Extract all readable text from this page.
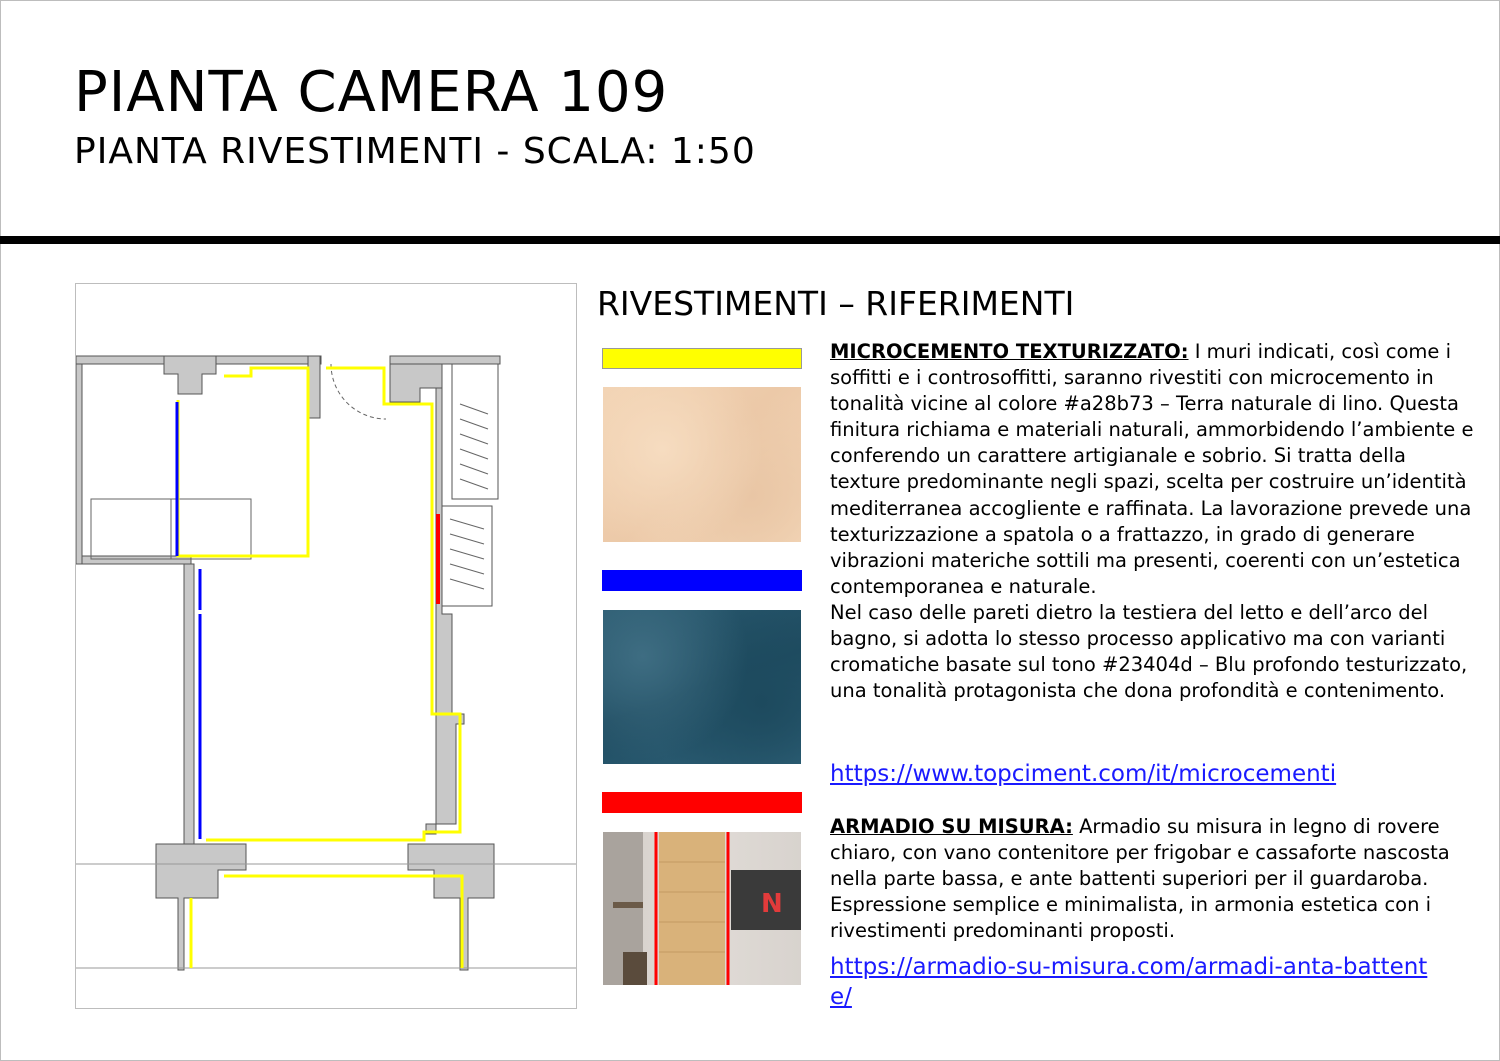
PIANTA CAMERA 109
PIANTA RIVESTIMENTI - SCALA: 1:50
RIVESTIMENTI – RIFERIMENTI
N
MICROCEMENTO TEXTURIZZATO: I muri indicati, così come i soffitti e i controsoffitti, saranno rivestiti con microcemento in tonalità vicine al colore #a28b73 – Terra naturale di lino. Questa finitura richiama e materiali naturali, ammorbidendo l’ambiente e conferendo un carattere artigianale e sobrio. Si tratta della texture predominante negli spazi, scelta per costruire un’identità mediterranea accogliente e raffinata. La lavorazione prevede una texturizzazione a spatola o a frattazzo, in grado di generare vibrazioni materiche sottili ma presenti, coerenti con un’estetica contemporanea e naturale.
Nel caso delle pareti dietro la testiera del letto e dell’arco del bagno, si adotta lo stesso processo applicativo ma con varianti cromatiche basate sul tono #23404d – Blu profondo testurizzato, una tonalità protagonista che dona profondità e contenimento.
https://www.topciment.com/it/microcementi
ARMADIO SU MISURA: Armadio su misura in legno di rovere chiaro, con vano contenitore per frigobar e cassaforte nascosta nella parte bassa, e ante battenti superiori per il guardaroba. Espressione semplice e minimalista, in armonia estetica con i rivestimenti predominanti proposti.
https://armadio-su-misura.com/armadi-anta-battente/
